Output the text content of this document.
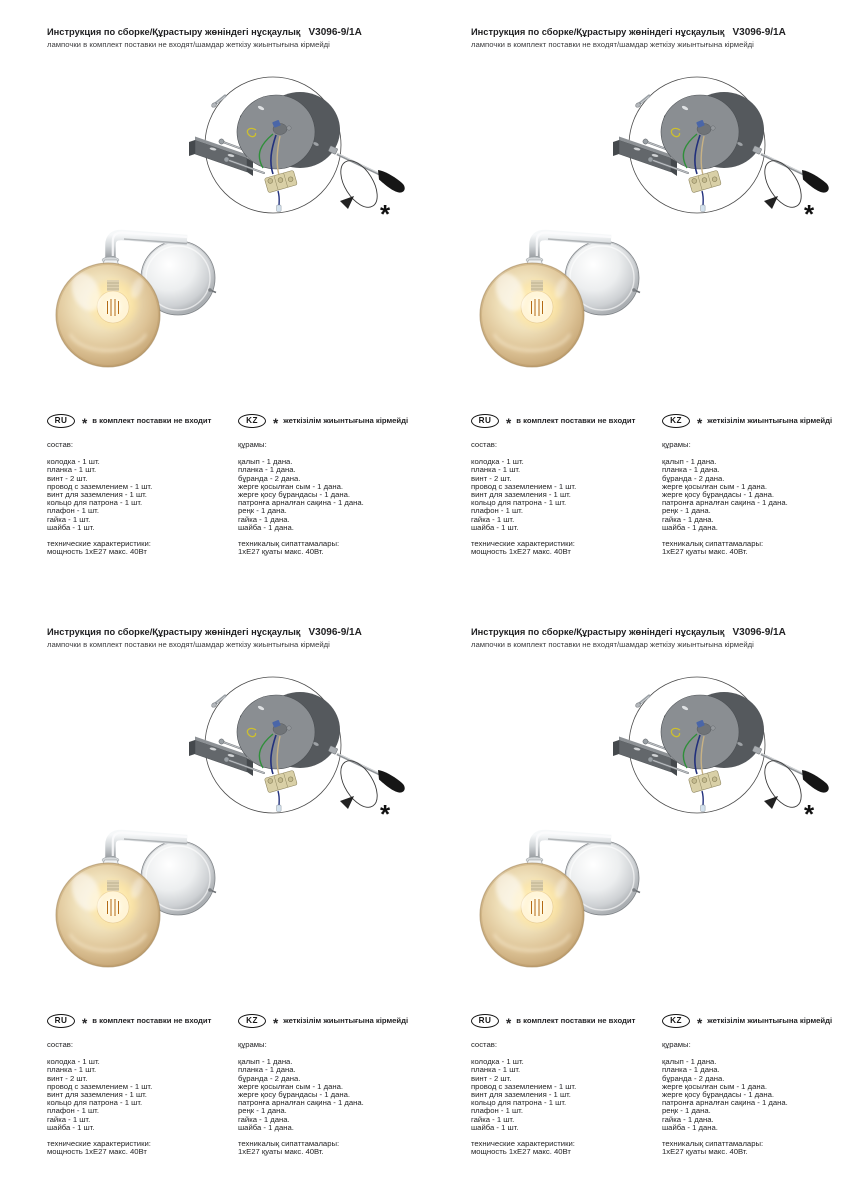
Инструкция по сборке/Құрастыру жөніндегі нұсқаулық V3096-9/1A
лампочки в комплект поставки не входят/шамдар жеткізу жиынтығына кірмейді
*
RU	* в комплект поставки не входит
состав:
колодка - 1 шт.
планка - 1 шт.
винт - 2 шт.
провод с заземлением - 1 шт.
винт для заземления - 1 шт.
кольцо для патрона - 1 шт.
плафон - 1 шт.
гайка - 1 шт.
шайба - 1 шт.
технические характеристики:
мощность 1хЕ27 макс. 40Вт
KZ	* жеткізілім жиынтығына кірмейді
құрамы:
қалып - 1 дана.
планка - 1 дана.
бұранда - 2 дана.
жерге қосылған сым - 1 дана.
жерге қосу бұрандасы - 1 дана.
патронға арналған сақина - 1 дана.
реңк - 1 дана.
гайка - 1 дана.
шайба - 1 дана.
техникалық сипаттамалары:
1хЕ27 қуаты макс. 40Вт.
Инструкция по сборке/Құрастыру жөніндегі нұсқаулық V3096-9/1A
лампочки в комплект поставки не входят/шамдар жеткізу жиынтығына кірмейді
*
RU	* в комплект поставки не входит
состав:
колодка - 1 шт.
планка - 1 шт.
винт - 2 шт.
провод с заземлением - 1 шт.
винт для заземления - 1 шт.
кольцо для патрона - 1 шт.
плафон - 1 шт.
гайка - 1 шт.
шайба - 1 шт.
технические характеристики:
мощность 1хЕ27 макс. 40Вт
KZ	* жеткізілім жиынтығына кірмейді
құрамы:
қалып - 1 дана.
планка - 1 дана.
бұранда - 2 дана.
жерге қосылған сым - 1 дана.
жерге қосу бұрандасы - 1 дана.
патронға арналған сақина - 1 дана.
реңк - 1 дана.
гайка - 1 дана.
шайба - 1 дана.
техникалық сипаттамалары:
1хЕ27 қуаты макс. 40Вт.
Инструкция по сборке/Құрастыру жөніндегі нұсқаулық V3096-9/1A
лампочки в комплект поставки не входят/шамдар жеткізу жиынтығына кірмейді
*
RU	* в комплект поставки не входит
состав:
колодка - 1 шт.
планка - 1 шт.
винт - 2 шт.
провод с заземлением - 1 шт.
винт для заземления - 1 шт.
кольцо для патрона - 1 шт.
плафон - 1 шт.
гайка - 1 шт.
шайба - 1 шт.
технические характеристики:
мощность 1хЕ27 макс. 40Вт
KZ	* жеткізілім жиынтығына кірмейді
құрамы:
қалып - 1 дана.
планка - 1 дана.
бұранда - 2 дана.
жерге қосылған сым - 1 дана.
жерге қосу бұрандасы - 1 дана.
патронға арналған сақина - 1 дана.
реңк - 1 дана.
гайка - 1 дана.
шайба - 1 дана.
техникалық сипаттамалары:
1хЕ27 қуаты макс. 40Вт.
Инструкция по сборке/Құрастыру жөніндегі нұсқаулық V3096-9/1A
лампочки в комплект поставки не входят/шамдар жеткізу жиынтығына кірмейді
*
RU	* в комплект поставки не входит
состав:
колодка - 1 шт.
планка - 1 шт.
винт - 2 шт.
провод с заземлением - 1 шт.
винт для заземления - 1 шт.
кольцо для патрона - 1 шт.
плафон - 1 шт.
гайка - 1 шт.
шайба - 1 шт.
технические характеристики:
мощность 1хЕ27 макс. 40Вт
KZ	* жеткізілім жиынтығына кірмейді
құрамы:
қалып - 1 дана.
планка - 1 дана.
бұранда - 2 дана.
жерге қосылған сым - 1 дана.
жерге қосу бұрандасы - 1 дана.
патронға арналған сақина - 1 дана.
реңк - 1 дана.
гайка - 1 дана.
шайба - 1 дана.
техникалық сипаттамалары:
1хЕ27 қуаты макс. 40Вт.
